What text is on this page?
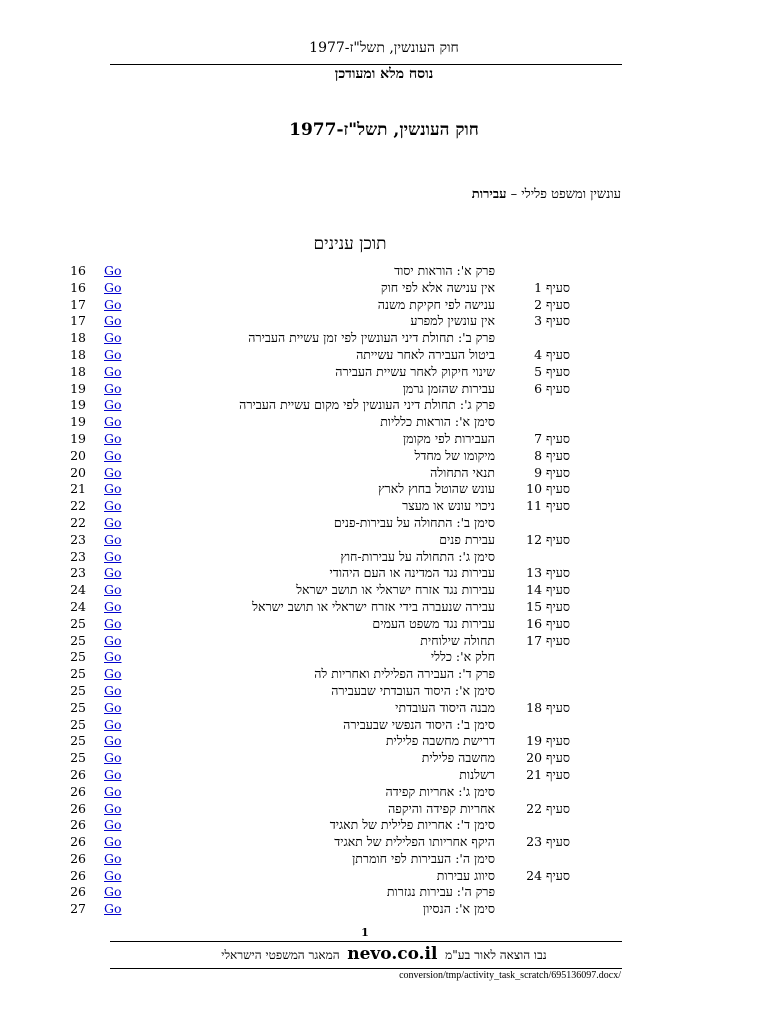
חוק העונשין, תשל"ז-1977
נוסח מלא ומעודכן
חוק העונשין, תשל"ז-1977
עונשין ומשפט פלילי – עבירות
תוכן ענינים
16 Go	פרק א': הוראות יסוד
16 Go	אין ענישה אלא לפי חוק	סעיף 1
17 Go	ענישה לפי חקיקת משנה	סעיף 2
17 Go	אין עונשין למפרע	סעיף 3
18 Go	פרק ב': תחולת דיני העונשין לפי זמן עשיית העבירה
18 Go	ביטול העבירה לאחר עשייתה	סעיף 4
18 Go	שינוי חיקוק לאחר עשיית העבירה	סעיף 5
19 Go	עבירות שהזמן גרמן	סעיף 6
19 Go	פרק ג': תחולת דיני העונשין לפי מקום עשיית העבירה
19 Go	סימן א': הוראות כלליות
19 Go	העבירות לפי מקומן	סעיף 7
20 Go	מיקומו של מחדל	סעיף 8
20 Go	תנאי התחולה	סעיף 9
21 Go	עונש שהוטל בחוץ לארץ סעיף 10
22 Go	ניכוי עונש או מעצר סעיף 11
22 Go	סימן ב': התחולה על עבירות-פנים
23 Go	עבירת פנים סעיף 12
23 Go	סימן ג': התחולה על עבירות-חוץ
23 Go	עבירות נגד המדינה או העם היהודי סעיף 13
24 Go	עבירות נגד אזרח ישראלי או תושב ישראל סעיף 14
24 Go	עבירה שנעברה בידי אזרח ישראלי או תושב ישראל סעיף 15
25 Go	עבירות נגד משפט העמים סעיף 16
25 Go	תחולה שילוחית סעיף 17
25 Go	חלק א': כללי
25 Go	פרק ד': העבירה הפלילית ואחריות לה
25 Go	סימן א': היסוד העובדתי שבעבירה
25 Go	מבנה היסוד העובדתי סעיף 18
25 Go	סימן ב': היסוד הנפשי שבעבירה
25 Go	דרישת מחשבה פלילית סעיף 19
25 Go	מחשבה פלילית סעיף 20
26 Go	רשלנות סעיף 21
26 Go	סימן ג': אחריות קפידה
26 Go	אחריות קפידה והיקפה סעיף 22
26 Go	סימן ד': אחריות פלילית של תאגיד
26 Go	היקף אחריותו הפלילית של תאגיד סעיף 23
26 Go	סימן ה': העבירות לפי חומרתן
26 Go	סיווג עבירות סעיף 24
26 Go	פרק ה': עבירות נגזרות
27 Go	סימן א': הנסיון
1
נבו הוצאה לאור בע"מ  nevo.co.il  המאגר המשפטי הישראלי
conversion/tmp/activity_task_scratch/695136097.docx/
